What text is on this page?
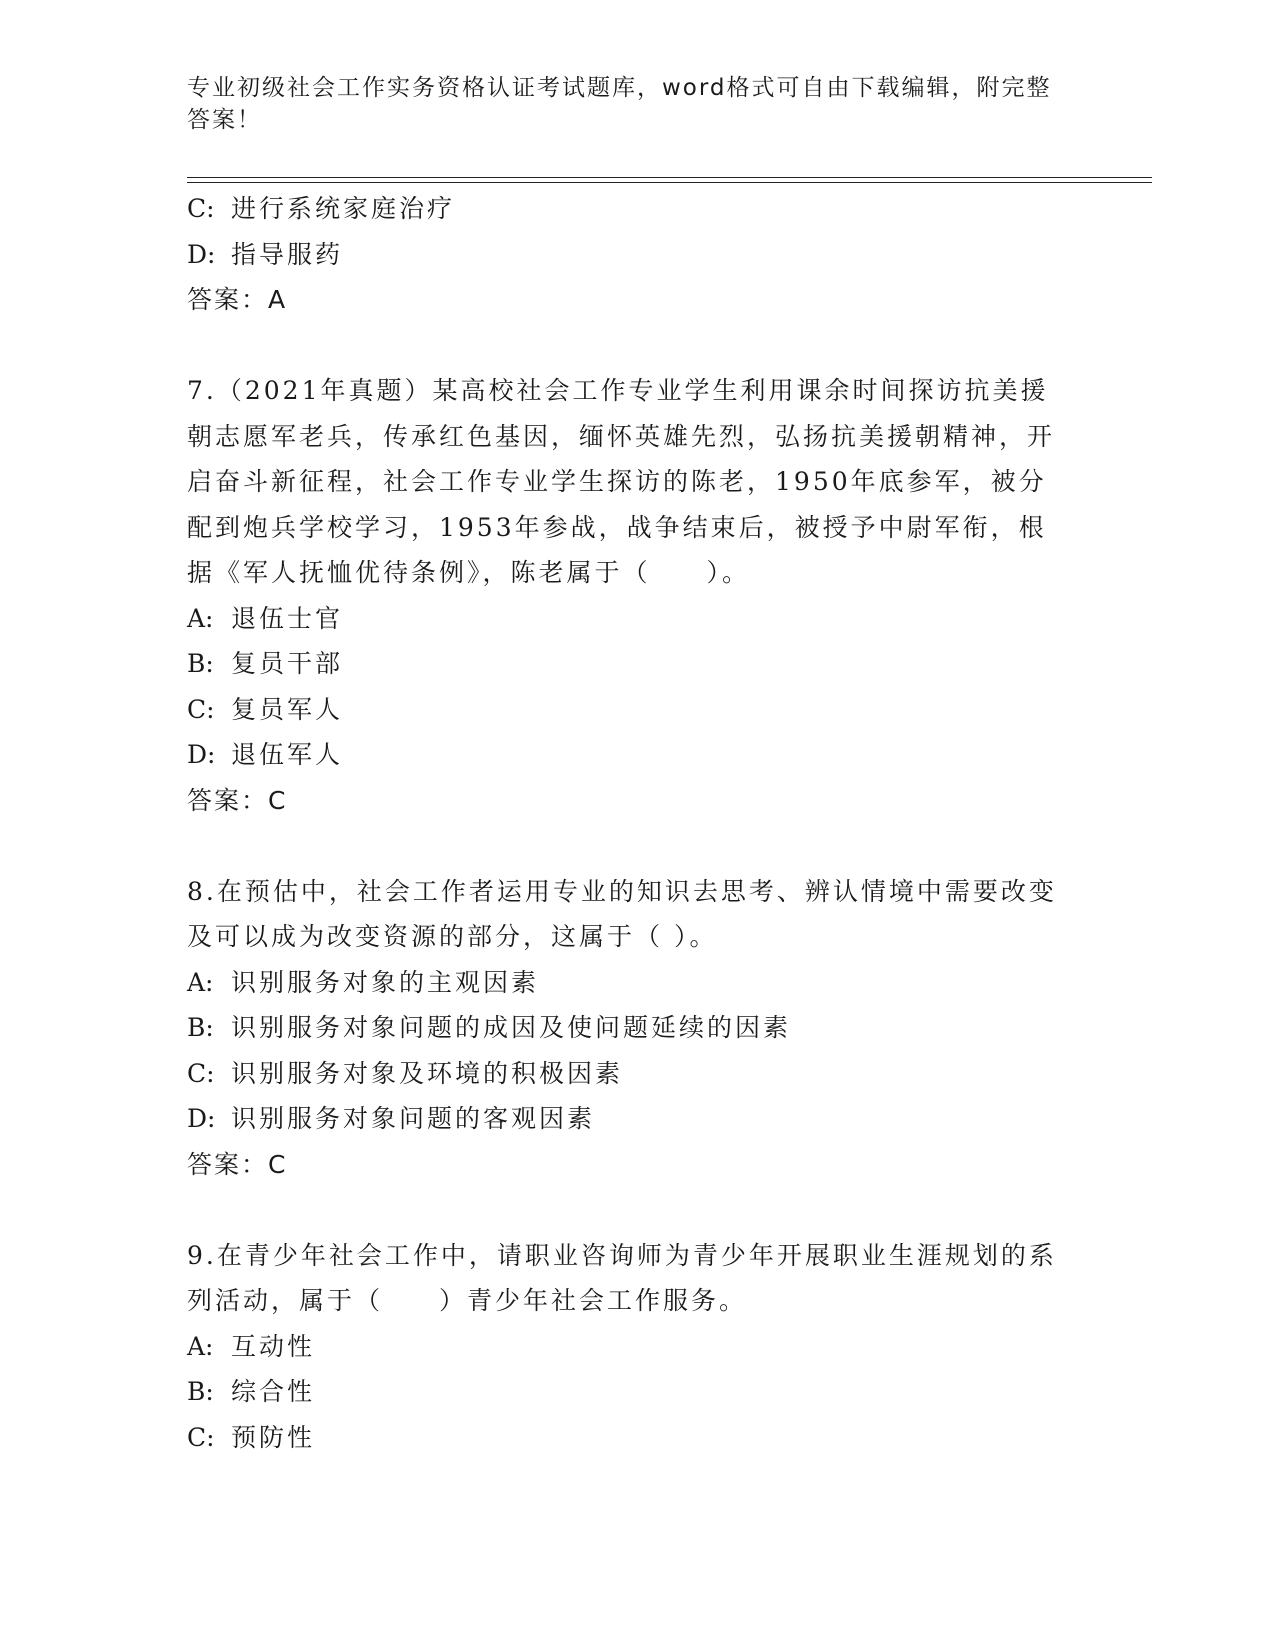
专业初级社会工作实务资格认证考试题库，word格式可自由下载编辑，附完整答案！
C: 进行系统家庭治疗
D: 指导服药
答案：A
7.（2021年真题）某高校社会工作专业学生利用课余时间探访抗美援朝志愿军老兵，传承红色基因，缅怀英雄先烈，弘扬抗美援朝精神，开启奋斗新征程，社会工作专业学生探访的陈老，1950年底参军，被分配到炮兵学校学习，1953年参战，战争结束后，被授予中尉军衔，根据《军人抚恤优待条例》，陈老属于（　　）。
A: 退伍士官
B: 复员干部
C: 复员军人
D: 退伍军人
答案：C
8.在预估中，社会工作者运用专业的知识去思考、辨认情境中需要改变及可以成为改变资源的部分，这属于（ ）。
A: 识别服务对象的主观因素
B: 识别服务对象问题的成因及使问题延续的因素
C: 识别服务对象及环境的积极因素
D: 识别服务对象问题的客观因素
答案：C
9.在青少年社会工作中，请职业咨询师为青少年开展职业生涯规划的系列活动，属于（　　）青少年社会工作服务。
A: 互动性
B: 综合性
C: 预防性
